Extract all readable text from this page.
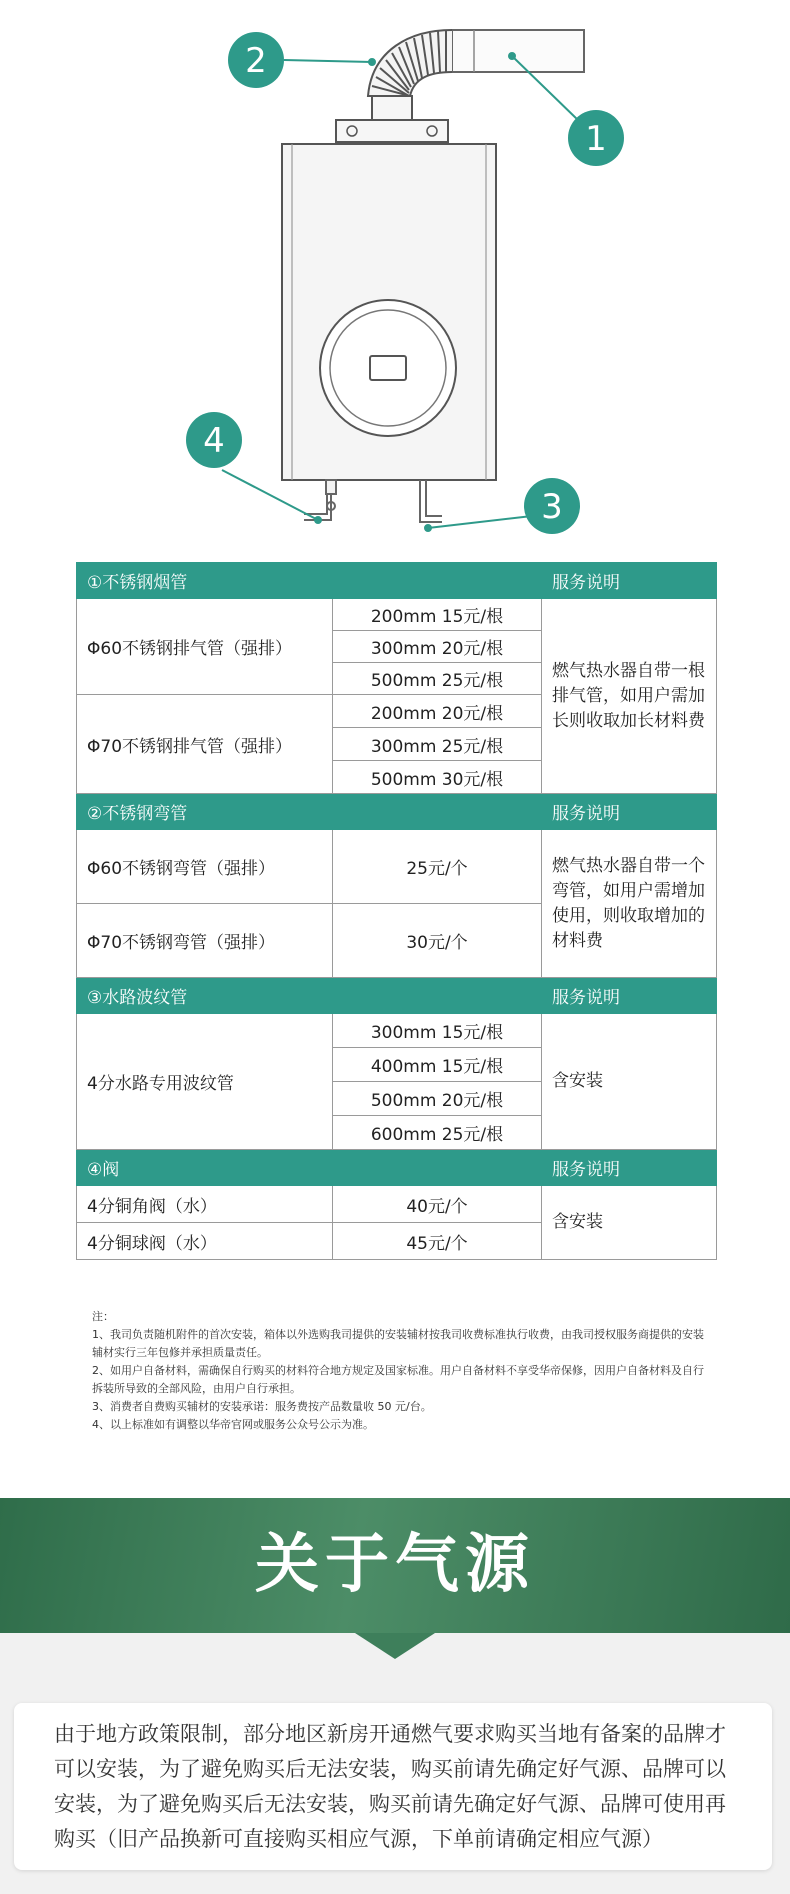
2
1
4
3
①不锈钢烟管		服务说明
Φ60不锈钢排气管（强排）	200mm 15元/根	燃气热水器自带一根排气管，如用户需加长则收取加长材料费
	300mm 20元/根	
	500mm 25元/根	
Φ70不锈钢排气管（强排）	200mm 20元/根	
	300mm 25元/根	
	500mm 30元/根	
②不锈钢弯管		服务说明
Φ60不锈钢弯管（强排）	25元/个	燃气热水器自带一个弯管，如用户需增加使用，则收取增加的材料费
Φ70不锈钢弯管（强排）	30元/个	
③水路波纹管		服务说明
4分水路专用波纹管	300mm 15元/根	含安装
	400mm 15元/根	
	500mm 20元/根	
	600mm 25元/根	
④阀		服务说明
4分铜角阀（水）	40元/个	含安装
4分铜球阀（水）	45元/个	
注：
1、我司负责随机附件的首次安装，箱体以外选购我司提供的安装辅材按我司收费标准执行收费，由我司授权服务商提供的安装辅材实行三年包修并承担质量责任。
2、如用户自备材料，需确保自行购买的材料符合地方规定及国家标准。用户自备材料不享受华帝保修，因用户自备材料及自行拆装所导致的全部风险，由用户自行承担。
3、消费者自费购买辅材的安装承诺：服务费按产品数量收 50 元/台。
4、以上标准如有调整以华帝官网或服务公众号公示为准。
关于气源
由于地方政策限制，部分地区新房开通燃气要求购买当地有备案的品牌才可以安装，为了避免购买后无法安装，购买前请先确定好气源、品牌可以安装，为了避免购买后无法安装，购买前请先确定好气源、品牌可使用再购买（旧产品换新可直接购买相应气源，下单前请确定相应气源）
